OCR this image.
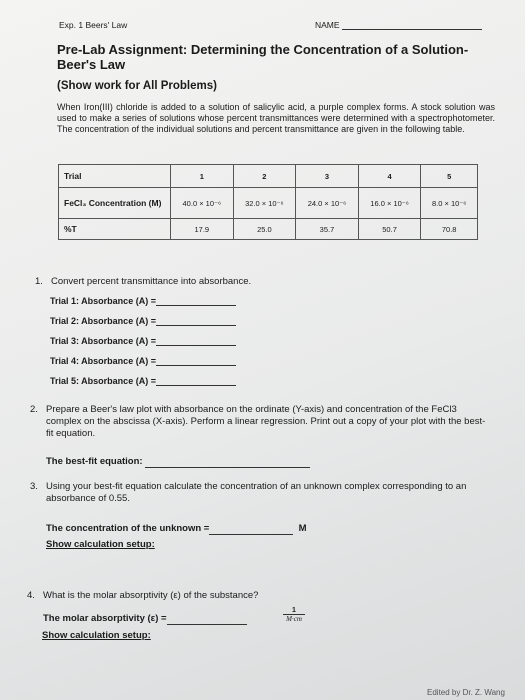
Exp. 1 Beers' Law	NAME
Pre-Lab Assignment: Determining the Concentration of a Solution- Beer's Law
(Show work for All Problems)
When Iron(III) chloride is added to a solution of salicylic acid, a purple complex forms. A stock solution was used to make a series of solutions whose percent transmittances were determined with a spectrophotometer. The concentration of the individual solutions and percent transmittance are given in the following table.
Trial	1	2	3	4	5
FeCl₃ Concentration (M)	40.0 × 10⁻⁶	32.0 × 10⁻⁶	24.0 × 10⁻⁶	16.0 × 10⁻⁶	8.0 × 10⁻⁶
%T	17.9	25.0	35.7	50.7	70.8
1. Convert percent transmittance into absorbance.
Trial 1: Absorbance (A) =
Trial 2: Absorbance (A) =
Trial 3: Absorbance (A) =
Trial 4: Absorbance (A) =
Trial 5: Absorbance (A) =
2. Prepare a Beer's law plot with absorbance on the ordinate (Y-axis) and concentration of the FeCl3 complex on the abscissa (X-axis). Perform a linear regression. Print out a copy of your plot with the best-fit equation.
The best-fit equation:
3. Using your best-fit equation calculate the concentration of an unknown complex corresponding to an absorbance of 0.55.
The concentration of the unknown =	M
Show calculation setup:
4. What is the molar absorptivity (ε) of the substance?
The molar absorptivity (ε) =	$\frac{1}{M\cdot cm}$
Show calculation setup:
Edited by Dr. Z. Wang
